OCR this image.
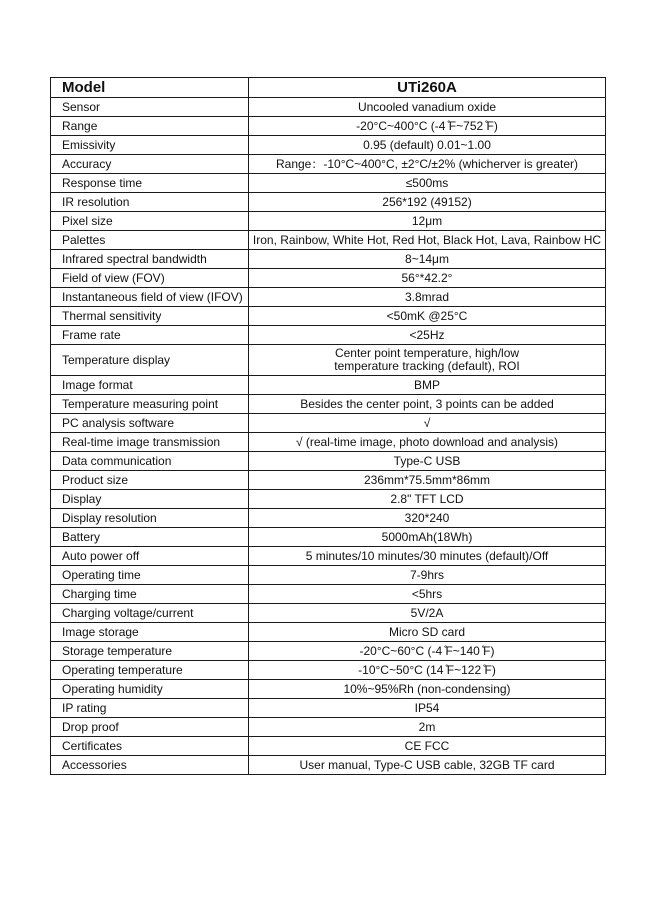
Model	UTi260A
Sensor	Uncooled vanadium oxide
Range	-20°C~400°C (-4 ̊F~752 ̊F)
Emissivity	0.95 (default) 0.01~1.00
Accuracy	Range：-10°C~400°C, ±2°C/±2% (whicherver is greater)
Response time	≤500ms
IR resolution	256*192 (49152)
Pixel size	12μm
Palettes	Iron, Rainbow, White Hot, Red Hot, Black Hot, Lava, Rainbow HC
Infrared spectral bandwidth	8~14μm
Field of view (FOV)	56°*42.2°
Instantaneous field of view (IFOV)	3.8mrad
Thermal sensitivity	<50mK @25°C
Frame rate	<25Hz
Temperature display	Center point temperature, high/low
temperature tracking (default), ROI
Image format	BMP
Temperature measuring point	Besides the center point, 3 points can be added
PC analysis software	√
Real-time image transmission	√ (real-time image, photo download and analysis)
Data communication	Type-C USB
Product size	236mm*75.5mm*86mm
Display	2.8" TFT LCD
Display resolution	320*240
Battery	5000mAh(18Wh)
Auto power off	5 minutes/10 minutes/30 minutes (default)/Off
Operating time	7-9hrs
Charging time	<5hrs
Charging voltage/current	5V/2A
Image storage	Micro SD card
Storage temperature	-20°C~60°C (-4 ̊F~140 ̊F)
Operating temperature	-10°C~50°C (14 ̊F~122 ̊F)
Operating humidity	10%~95%Rh (non-condensing)
IP rating	IP54
Drop proof	2m
Certificates	CE FCC
Accessories	User manual, Type-C USB cable, 32GB TF card
